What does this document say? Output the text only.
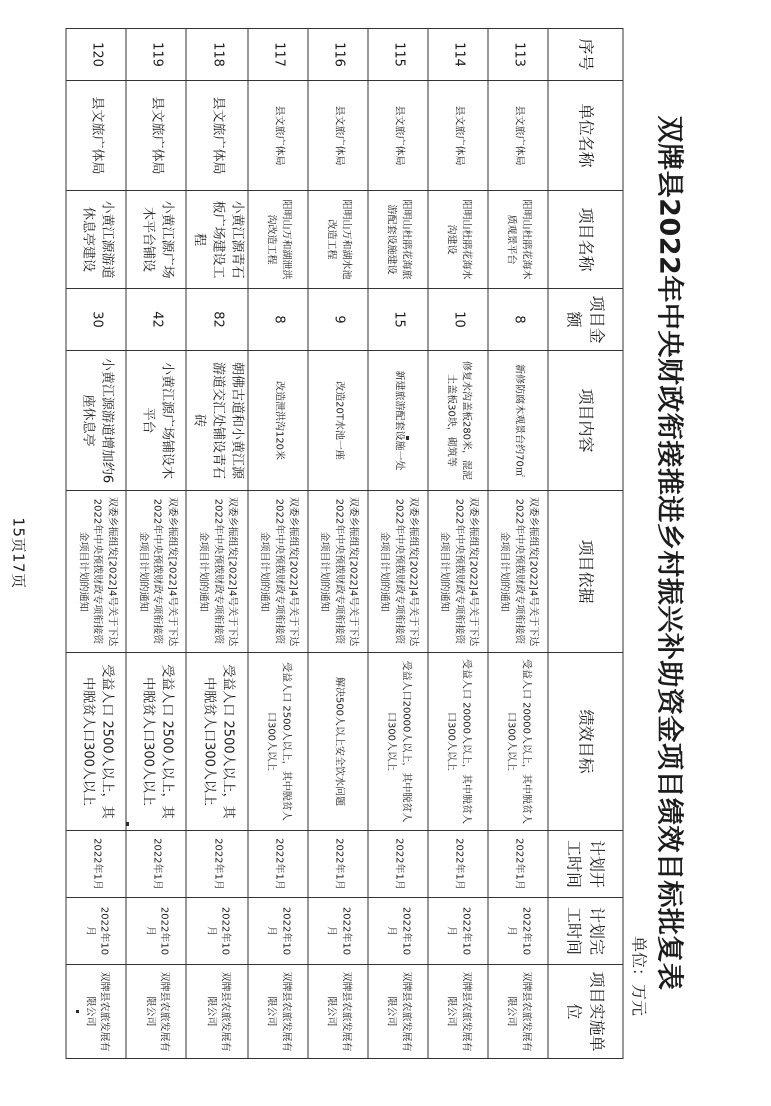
双牌县2022年中央财政衔接推进乡村振兴补助资金项目绩效目标批复表
单位：万元
序号	单位名称	项目名称	项目金额	项目内容	项目依据	绩效目标	计划开工时间	计划完工时间	项目实施单位
113	县文旅广体局	阳明山杜鹃花海木质观景平台	8	新修防腐木观景台约70㎡	双委乡振组发[2022]4号关于下达2022年中央预拨财政专项衔接资金项目计划的通知	受益人口 20000人以上，其中脱贫人口300人以上	2022年1月	2022年10月	双牌县农旅发展有限公司
114	县文旅广体局	阳明山杜鹃花海水沟建设	10	修复水沟盖板280米，混泥土盖板30块，砌筑等	双委乡振组发[2022]4号关于下达2022年中央预拨财政专项衔接资金项目计划的通知	受益人口 20000人以上，其中脱贫人口300人以上	2022年1月	2022年10月	双牌县农旅发展有限公司
115	县文旅广体局	阳明山杜鹃花海旅游配套设施建设	15	新建旅游配套设施一处	双委乡振组发[2022]4号关于下达2022年中央预拨财政专项衔接资金项目计划的通知	受益人口20000人以上，其中脱贫人口300人以上	2022年1月	2022年10月	双牌县农旅发展有限公司
116	县文旅广体局	阳明山万和湖水池改造工程	9	改造20T水池一座	双委乡振组发[2022]4号关于下达2022年中央预拨财政专项衔接资金项目计划的通知	解决500人以上安全饮水问题	2022年1月	2022年10月	双牌县农旅发展有限公司
117	县文旅广体局	阳明山万和湖泄洪沟改造工程	8	改造泄洪沟120米	双委乡振组发[2022]4号关于下达2022年中央预拨财政专项衔接资金项目计划的通知	受益人口 2500人以上，其中脱贫人口300人以上	2022年1月	2022年10月	双牌县农旅发展有限公司
118	县文旅广体局	小黄江源青石板广场建设工程	82	朝佛古道和小黄江源游道交汇处铺设青石砖	双委乡振组发[2022]4号关于下达2022年中央预拨财政专项衔接资金项目计划的通知	受益人口 2500人以上，其中脱贫人口300人以上	2022年1月	2022年10月	双牌县农旅发展有限公司
119	县文旅广体局	小黄江源广场木平台铺设	42	小黄江源广场铺设木平台	双委乡振组发[2022]4号关于下达2022年中央预拨财政专项衔接资金项目计划的通知	受益人口 2500人以上，其中脱贫人口300人以上	2022年1月	2022年10月	双牌县农旅发展有限公司
120	县文旅广体局	小黄江源游道休息亭建设	30	小黄江源游道增加约6座休息亭	双委乡振组发[2022]4号关于下达2022年中央预拨财政专项衔接资金项目计划的通知	受益人口 2500人以上，其中脱贫人口300人以上	2022年1月	2022年10月	双牌县农旅发展有限公司
15页17页
